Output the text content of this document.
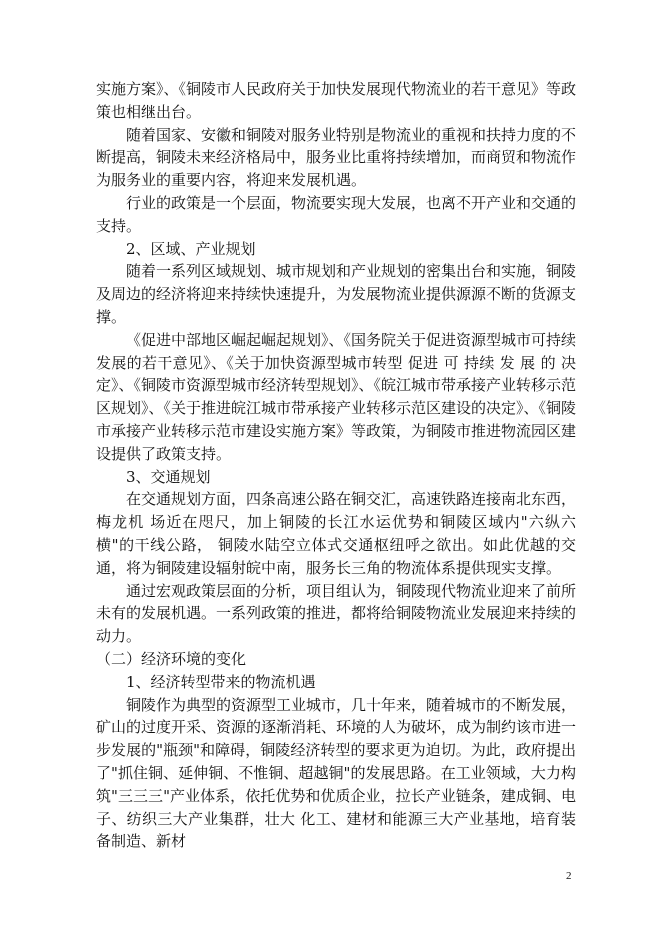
实施方案》、《铜陵市人民政府关于加快发展现代物流业的若干意见》等政策也相继出台。

随着国家、安徽和铜陵对服务业特别是物流业的重视和扶持力度的不断提高，铜陵未来经济格局中，服务业比重将持续增加，而商贸和物流作为服务业的重要内容，将迎来发展机遇。

行业的政策是一个层面，物流要实现大发展，也离不开产业和交通的支持。

2、区域、产业规划

随着一系列区域规划、城市规划和产业规划的密集出台和实施，铜陵及周边的经济将迎来持续快速提升，为发展物流业提供源源不断的货源支撑。

《促进中部地区崛起崛起规划》、《国务院关于促进资源型城市可持续发展的若干意见》、《关于加快资源型城市转型 促进 可 持续 发 展 的 决定》、《铜陵市资源型城市经济转型规划》、《皖江城市带承接产业转移示范区规划》、《关于推进皖江城市带承接产业转移示范区建设的决定》、《铜陵市承接产业转移示范市建设实施方案》等政策，为铜陵市推进物流园区建设提供了政策支持。

3、交通规划

在交通规划方面，四条高速公路在铜交汇，高速铁路连接南北东西，梅龙机 场近在咫尺，加上铜陵的长江水运优势和铜陵区域内"六纵六横"的干线公路， 铜陵水陆空立体式交通枢纽呼之欲出。如此优越的交通，将为铜陵建设辐射皖中南，服务长三角的物流体系提供现实支撑。

通过宏观政策层面的分析，项目组认为，铜陵现代物流业迎来了前所未有的发展机遇。一系列政策的推进，都将给铜陵物流业发展迎来持续的动力。

（二）经济环境的变化

1、经济转型带来的物流机遇

铜陵作为典型的资源型工业城市，几十年来，随着城市的不断发展，矿山的过度开采、资源的逐渐消耗、环境的人为破坏，成为制约该市进一步发展的"瓶颈"和障碍，铜陵经济转型的要求更为迫切。为此，政府提出了"抓住铜、延伸铜、不惟铜、超越铜"的发展思路。在工业领域，大力构筑"三三三"产业体系，依托优势和优质企业，拉长产业链条，建成铜、电子、纺织三大产业集群，壮大 化工、建材和能源三大产业基地，培育装备制造、新材

2
